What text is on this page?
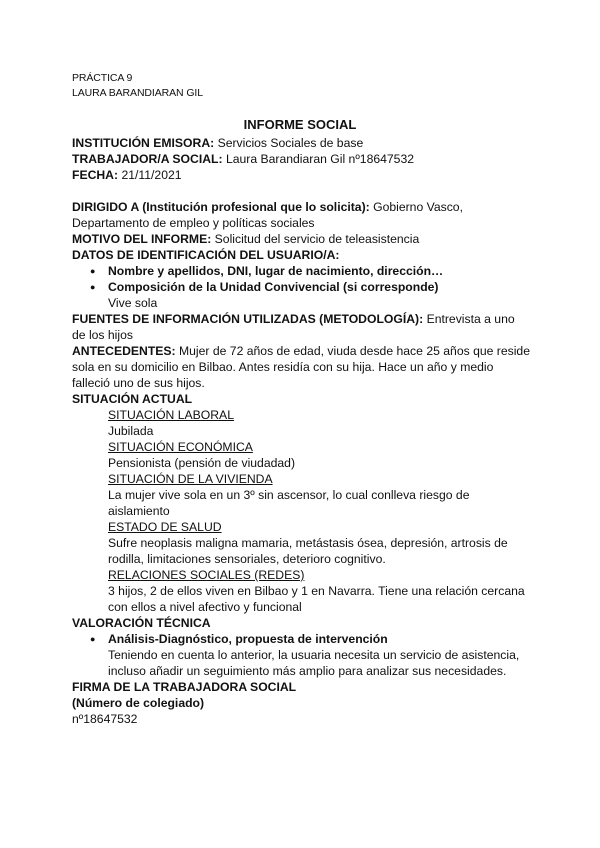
PRÁCTICA 9
LAURA BARANDIARAN GIL
INFORME SOCIAL
INSTITUCIÓN EMISORA: Servicios Sociales de base
TRABAJADOR/A SOCIAL: Laura Barandiaran Gil nº18647532
FECHA: 21/11/2021
DIRIGIDO A (Institución profesional que lo solicita): Gobierno Vasco,
Departamento de empleo y políticas sociales
MOTIVO DEL INFORME: Solicitud del servicio de teleasistencia
DATOS DE IDENTIFICACIÓN DEL USUARIO/A:
● Nombre y apellidos, DNI, lugar de nacimiento, dirección…
● Composición de la Unidad Convivencial (si corresponde)
Vive sola
FUENTES DE INFORMACIÓN UTILIZADAS (METODOLOGÍA): Entrevista a uno
de los hijos
ANTECEDENTES: Mujer de 72 años de edad, viuda desde hace 25 años que reside
sola en su domicilio en Bilbao. Antes residía con su hija. Hace un año y medio
falleció uno de sus hijos.
SITUACIÓN ACTUAL
SITUACIÓN LABORAL
Jubilada
SITUACIÓN ECONÓMICA
Pensionista (pensión de viudadad)
SITUACIÓN DE LA VIVIENDA
La mujer vive sola en un 3º sin ascensor, lo cual conlleva riesgo de
aislamiento
ESTADO DE SALUD
Sufre neoplasis maligna mamaria, metástasis ósea, depresión, artrosis de
rodilla, limitaciones sensoriales, deterioro cognitivo.
RELACIONES SOCIALES (REDES)
3 hijos, 2 de ellos viven en Bilbao y 1 en Navarra. Tiene una relación cercana
con ellos a nivel afectivo y funcional
VALORACIÓN TÉCNICA
● Análisis-Diagnóstico, propuesta de intervención
Teniendo en cuenta lo anterior, la usuaria necesita un servicio de asistencia,
incluso añadir un seguimiento más amplio para analizar sus necesidades.
FIRMA DE LA TRABAJADORA SOCIAL
(Número de colegiado)
nº18647532
